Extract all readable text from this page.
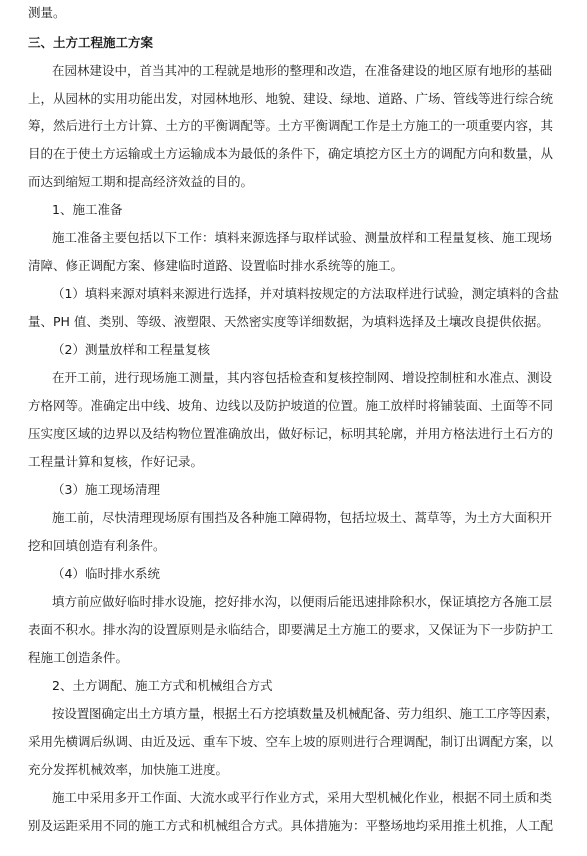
测量。
三、土方工程施工方案
在园林建设中，首当其冲的工程就是地形的整理和改造，在准备建设的地区原有地形的基础
上，从园林的实用功能出发，对园林地形、地貌、建设、绿地、道路、广场、管线等进行综合统
筹，然后进行土方计算、土方的平衡调配等。土方平衡调配工作是土方施工的一项重要内容，其
目的在于使土方运输或土方运输成本为最低的条件下，确定填挖方区土方的调配方向和数量，从
而达到缩短工期和提高经济效益的目的。
1、施工准备
施工准备主要包括以下工作：填料来源选择与取样试验、测量放样和工程量复核、施工现场
清障、修正调配方案、修建临时道路、设置临时排水系统等的施工。
（1）填料来源对填料来源进行选择，并对填料按规定的方法取样进行试验，测定填料的含盐
量、PH 值、类别、等级、液塑限、天然密实度等详细数据，为填料选择及土壤改良提供依据。
（2）测量放样和工程量复核
在开工前，进行现场施工测量，其内容包括检查和复核控制网、增设控制桩和水准点、测设
方格网等。准确定出中线、坡角、边线以及防护坡道的位置。施工放样时将铺装面、土面等不同
压实度区域的边界以及结构物位置准确放出，做好标记，标明其轮廓，并用方格法进行土石方的
工程量计算和复核，作好记录。
（3）施工现场清理
施工前，尽快清理现场原有围挡及各种施工障碍物，包括垃圾土、蒿草等，为土方大面积开
挖和回填创造有利条件。
（4）临时排水系统
填方前应做好临时排水设施，挖好排水沟，以便雨后能迅速排除积水，保证填挖方各施工层
表面不积水。排水沟的设置原则是永临结合，即要满足土方施工的要求，又保证为下一步防护工
程施工创造条件。
2、土方调配、施工方式和机械组合方式
按设置图确定出土方填方量，根据土石方挖填数量及机械配备、劳力组织、施工工序等因素，
采用先横调后纵调、由近及远、重车下坡、空车上坡的原则进行合理调配，制订出调配方案，以
充分发挥机械效率，加快施工进度。
施工中采用多开工作面、大流水或平行作业方式，采用大型机械化作业，根据不同土质和类
别及运距采用不同的施工方式和机械组合方式。具体措施为：平整场地均采用推土机推，人工配
